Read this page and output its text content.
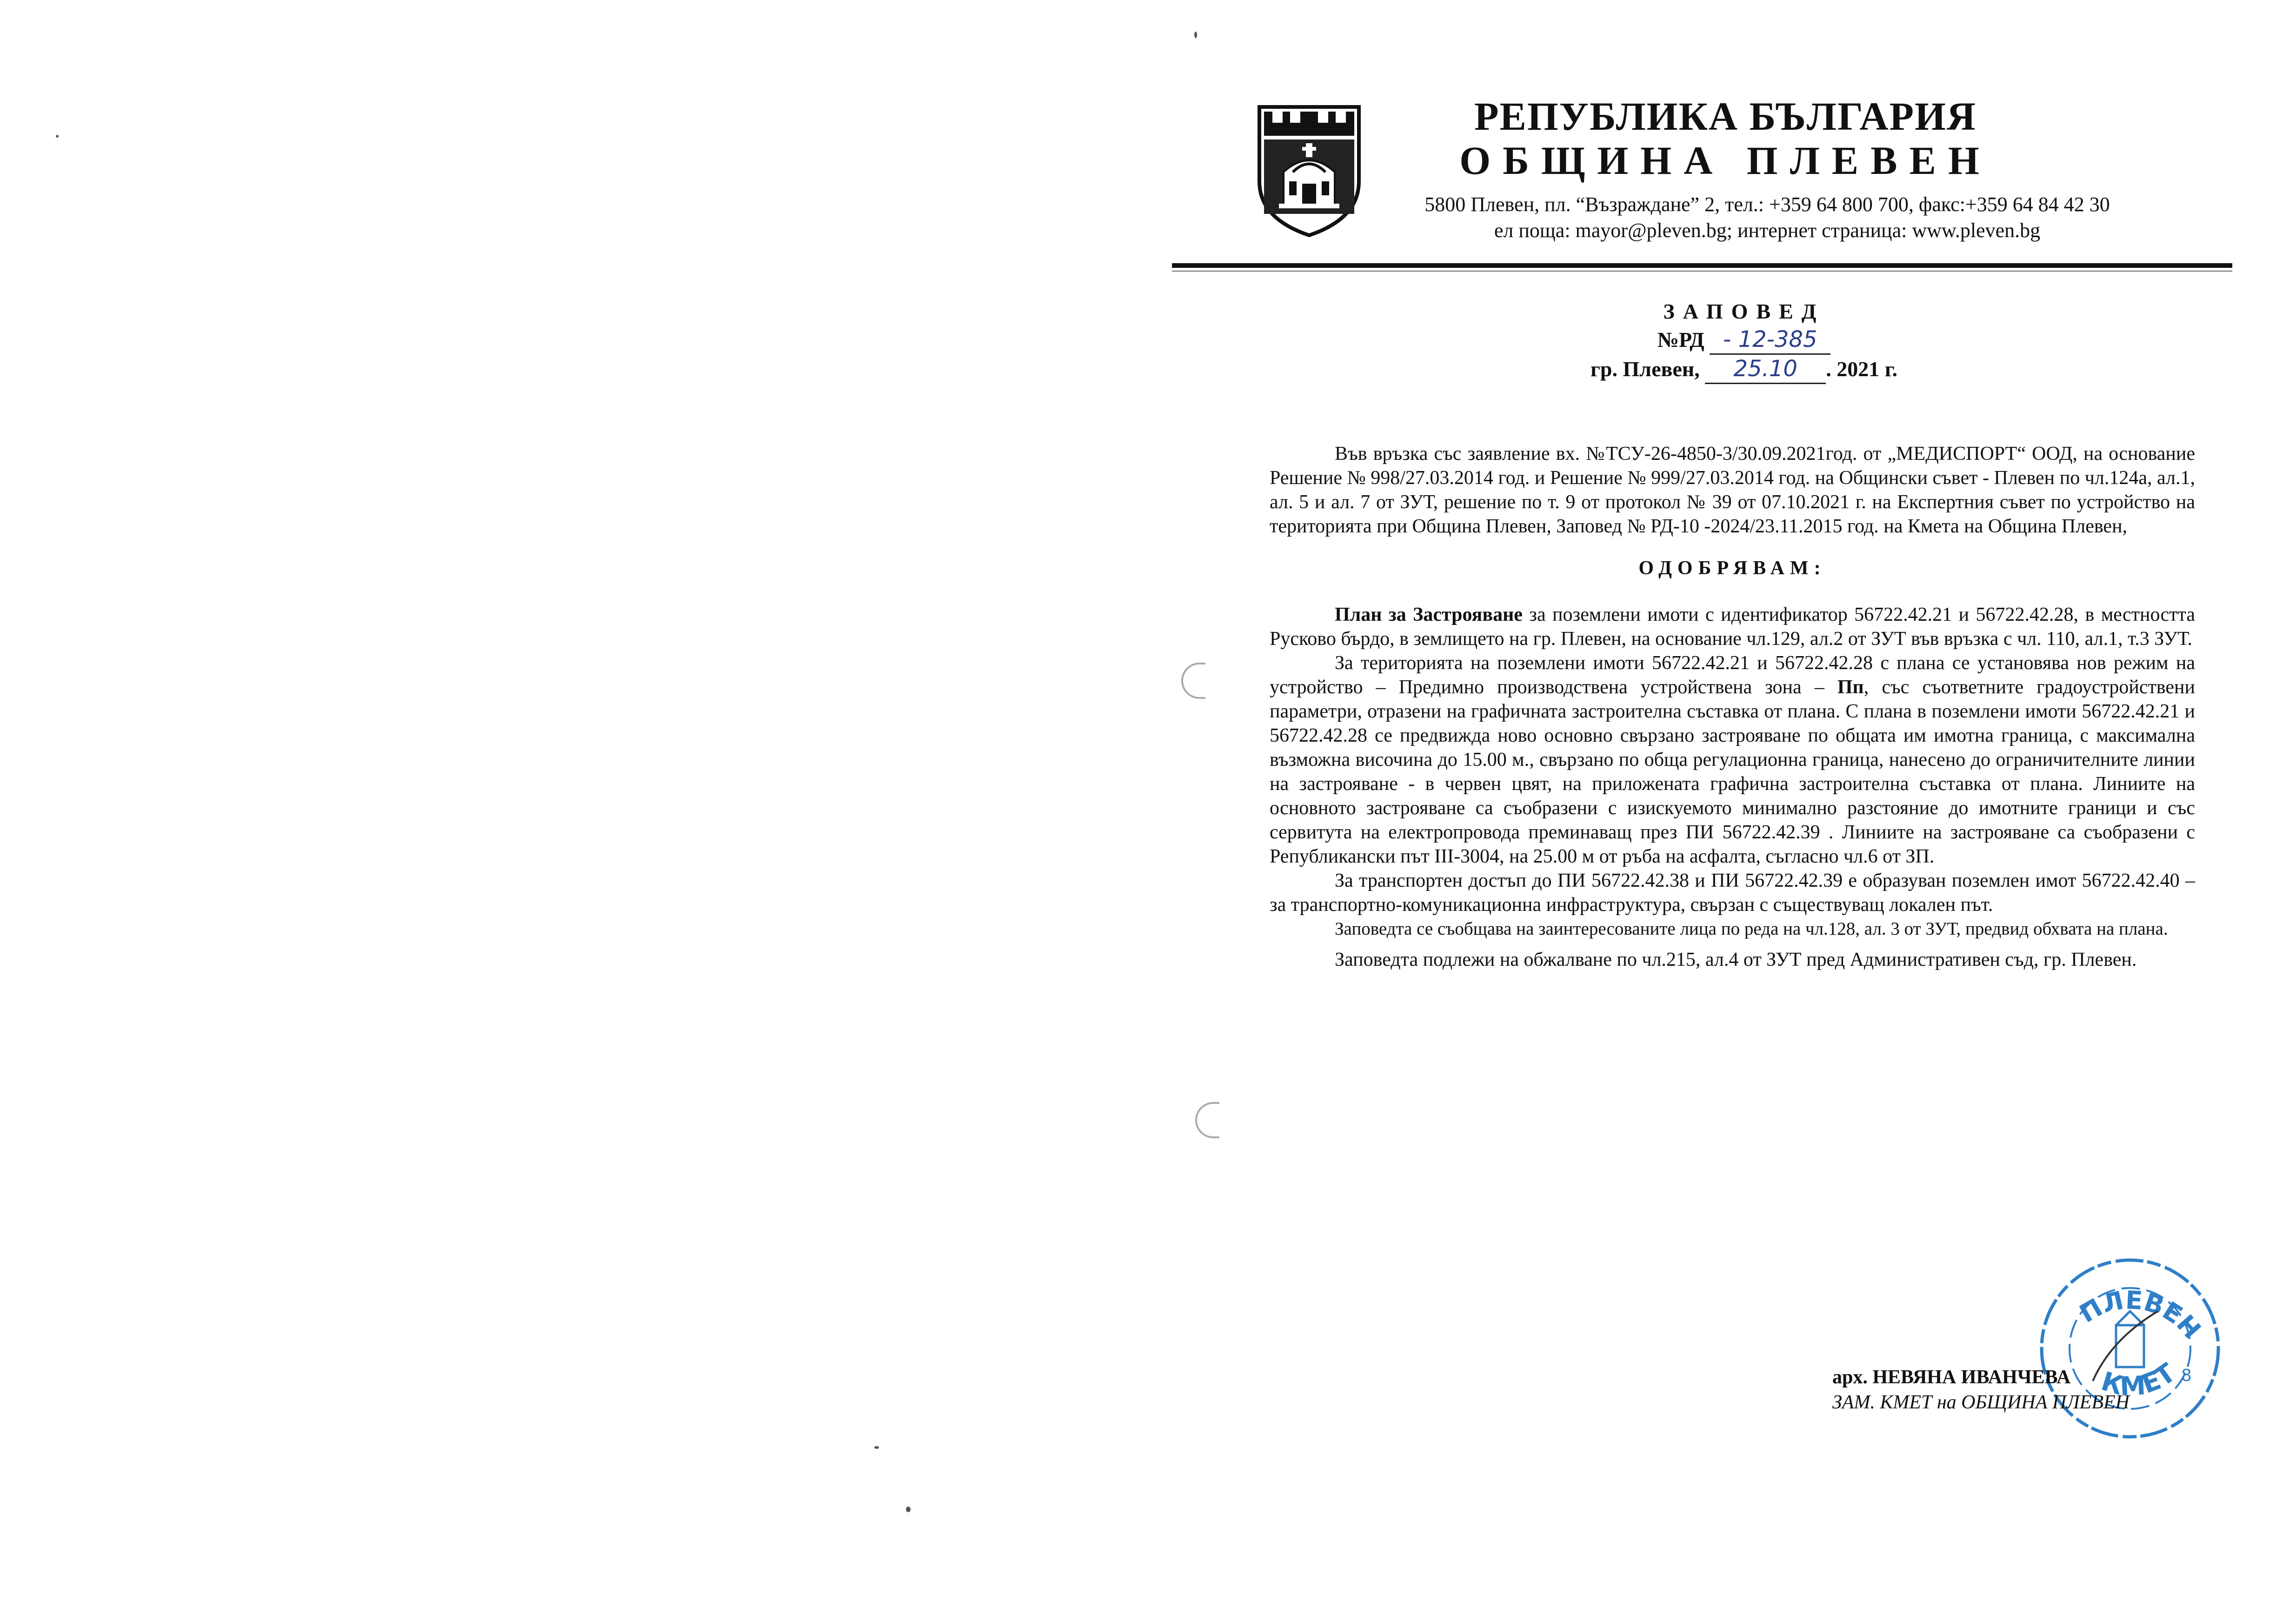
РЕПУБЛИКА БЪЛГАРИЯ
ОБЩИНА ПЛЕВЕН
5800 Плевен, пл. “Възраждане” 2, тел.: +359 64 800 700, факс:+359 64 84 42 30
ел поща: mayor@pleven.bg; интернет страница: www.pleven.bg
ЗАПОВЕД
№РД - 12-385
гр. Плевен, 25.10 . 2021 г.

Във връзка със заявление вх. №ТСУ-26-4850-3/30.09.2021год. от „МЕДИСПОРТ“ ООД, на основание Решение № 998/27.03.2014 год. и Решение № 999/27.03.2014 год. на Общински съвет - Плевен по чл.124а, ал.1, ал. 5 и ал. 7 от ЗУТ, решение по т. 9 от протокол № 39 от 07.10.2021 г. на Експертния съвет по устройство на територията при Община Плевен, Заповед № РД-10 -2024/23.11.2015 год. на Кмета на Община Плевен,

ОДОБРЯВАМ:

План за Застрояване за поземлени имоти с идентификатор 56722.42.21 и 56722.42.28, в местността Русково бърдо, в землището на гр. Плевен, на основание чл.129, ал.2 от ЗУТ във връзка с чл. 110, ал.1, т.3 ЗУТ.

За територията на поземлени имоти 56722.42.21 и 56722.42.28 с плана се установява нов режим на устройство – Предимно производствена устройствена зона – Пп, със съответните градоустройствени параметри, отразени на графичната застроителна съставка от плана. С плана в поземлени имоти 56722.42.21 и 56722.42.28 се предвижда ново основно свързано застрояване по общата им имотна граница, с максимална възможна височина до 15.00 м., свързано по обща регулационна граница, нанесено до ограничителните линии на застрояване - в червен цвят, на приложената графична застроителна съставка от плана. Линиите на основното застрояване са съобразени с изискуемото минимално разстояние до имотните граници и със сервитута на електропровода преминаващ през ПИ 56722.42.39 . Линиите на застрояване са съобразени с Републикански път III-3004, на 25.00 м от ръба на асфалта, съгласно чл.6 от ЗП.

За транспортен достъп до ПИ 56722.42.38 и ПИ 56722.42.39 е образуван поземлен имот 56722.42.40 – за транспортно-комуникационна инфраструктура, свързан с съществуващ локален път.

Заповедта се съобщава на заинтересованите лица по реда на чл.128, ал. 3 от ЗУТ, предвид обхвата на плана.

Заповедта подлежи на обжалване по чл.215, ал.4 от ЗУТ пред Административен съд, гр. Плевен.

ПЛЕВЕН
КМЕТ 8
арх. НЕВЯНА ИВАНЧЕВА
ЗАМ. КМЕТ на ОБЩИНА ПЛЕВЕН
